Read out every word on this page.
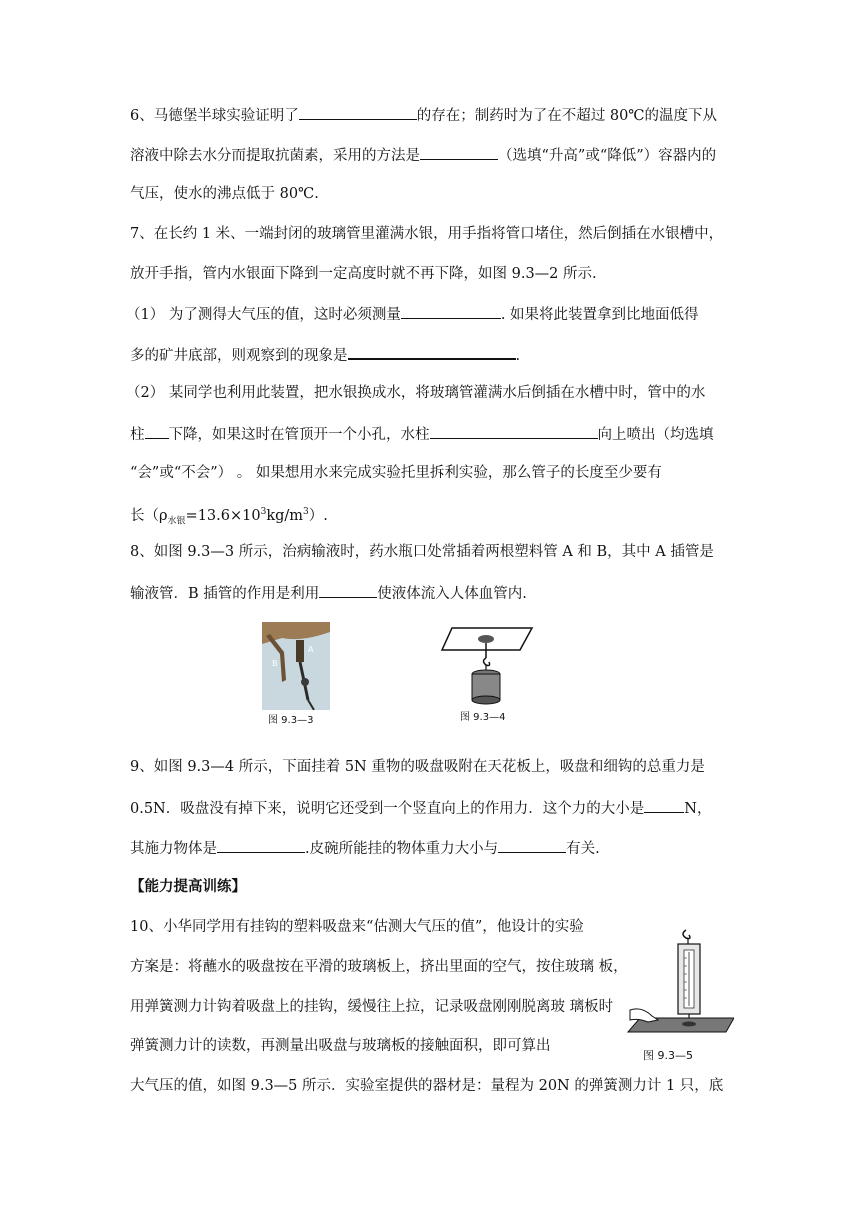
6、马德堡半球实验证明了	的存在；制药时为了在不超过 80℃的温度下从
溶液中除去水分而提取抗菌素，采用的方法是	（选填“升高”或“降低”）容器内的
气压，使水的沸点低于 80℃.
7、在长约 1 米、一端封闭的玻璃管里灌满水银，用手指将管口堵住，然后倒插在水银槽中，
放开手指，管内水银面下降到一定高度时就不再下降，如图 9.3—2 所示.
（1） 为了测得大气压的值，这时必须测量	. 如果将此装置拿到比地面低得
多的矿井底部，则观察到的现象是	.
（2） 某同学也利用此装置，把水银换成水，将玻璃管灌满水后倒插在水槽中时，管中的水
柱 下降，如果这时在管顶开一个小孔，水柱	向上喷出（均选填
“会”或“不会”） 。 如果想用水来完成实验托里拆利实验，那么管子的长度至少要有
长$(\rho_{水银}=13.6\times 10^3kg/m^3)$.
8、如图 9.3—3 所示，治病输液时，药水瓶口处常插着两根塑料管 A 和 B，其中 A 插管是
输液管．B 插管的作用是利用	使液体流入人体血管内.
B
A
图 9.3—3	图 9.3—4
9、如图 9.3—4 所示，下面挂着 5N 重物的吸盘吸附在天花板上，吸盘和细钩的总重力是
0.5N．吸盘没有掉下来，说明它还受到一个竖直向上的作用力．这个力的大小是	N，
其施力物体是	.皮碗所能挂的物体重力大小与	有关.
【能力提高训练】
10、小华同学用有挂钩的塑料吸盘来“估测大气压的值”，他设计的实验
方案是：将蘸水的吸盘按在平滑的玻璃板上，挤出里面的空气，按住玻璃 板，
用弹簧测力计钩着吸盘上的挂钩，缓慢往上拉，记录吸盘刚刚脱离玻 璃板时
弹簧测力计的读数，再测量出吸盘与玻璃板的接触面积，即可算出
大气压的值，如图 9.3—5 所示．实验室提供的器材是：量程为 20N 的弹簧测力计 1 只，底
图 9.3—5
